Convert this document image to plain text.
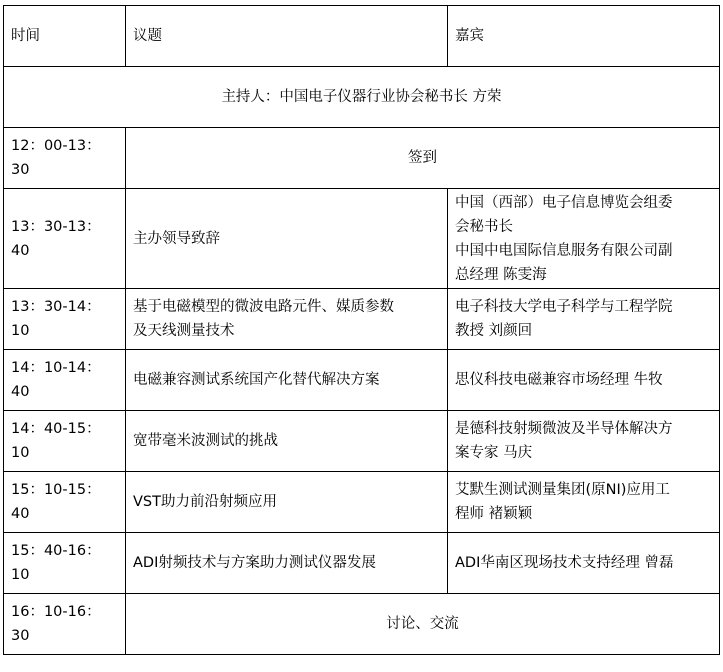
时间	议题	嘉宾
主持人：中国电子仪器行业协会秘书长 方荣		
12：00-13：30	签到	
13：30-13：40	主办领导致辞	中国（西部）电子信息博览会组委
会秘书长
中国中电国际信息服务有限公司副
总经理 陈雯海

13：30-14：10	基于电磁模型的微波电路元件、媒质参数
及天线测量技术	电子科技大学电子科学与工程学院
教授 刘颜回

14：10-14：40	电磁兼容测试系统国产化替代解决方案	思仪科技电磁兼容市场经理 牛牧

14：40-15：10	宽带毫米波测试的挑战	是德科技射频微波及半导体解决方
案专家 马庆

15：10-15：40	VST助力前沿射频应用	艾默生测试测量集团(原NI)应用工
程师 褚颖颖

15：40-16：10	ADI射频技术与方案助力测试仪器发展	ADI华南区现场技术支持经理 曾磊

16：10-16：30	讨论、交流	
